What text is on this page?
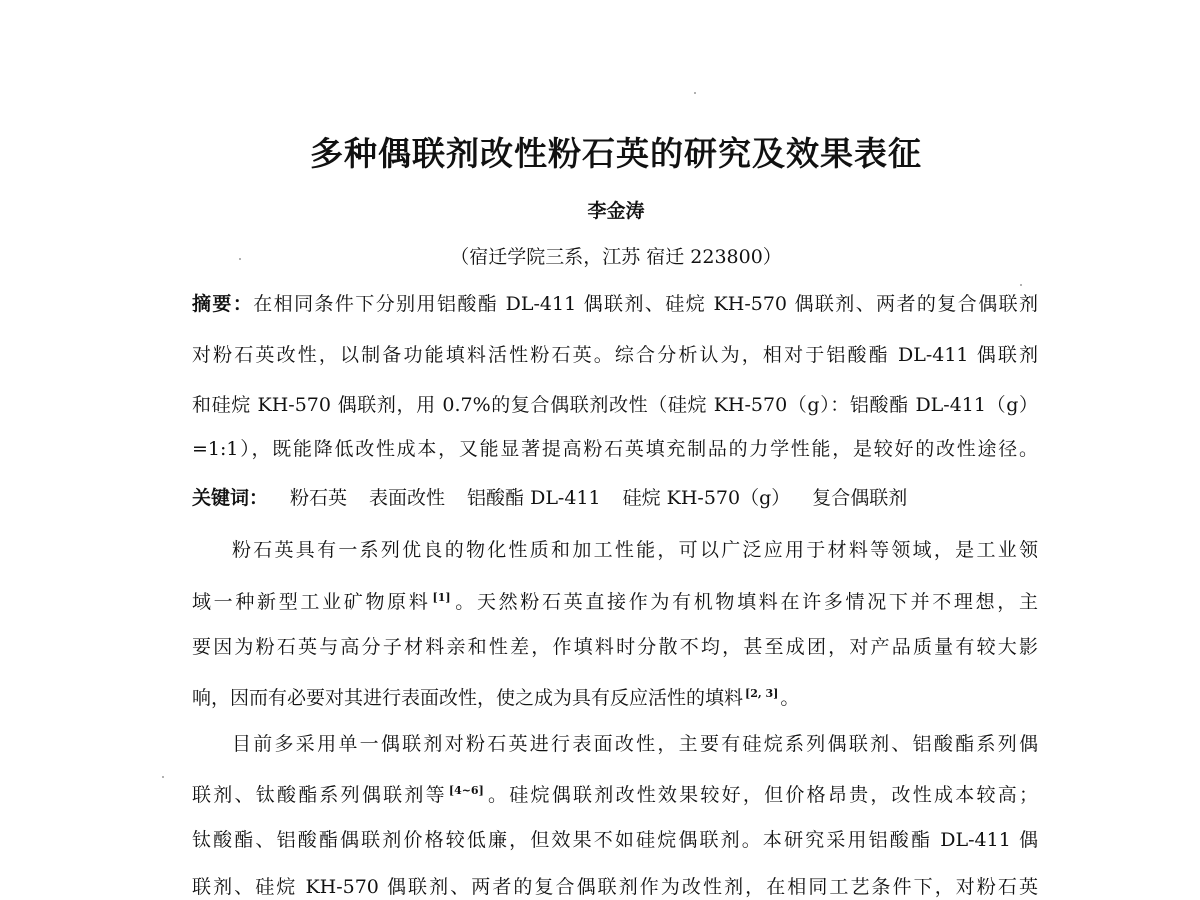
多种偶联剂改性粉石英的研究及效果表征
李金涛
（宿迁学院三系，江苏 宿迁 223800）
摘要：在相同条件下分别用铝酸酯 DL-411 偶联剂、硅烷 KH-570 偶联剂、两者的复合偶联剂
对粉石英改性，以制备功能填料活性粉石英。综合分析认为，相对于铝酸酯 DL-411 偶联剂
和硅烷 KH-570 偶联剂，用 0.7%的复合偶联剂改性（硅烷 KH-570（g）：铝酸酯 DL-411（g）
=1:1），既能降低改性成本，又能显著提高粉石英填充制品的力学性能，是较好的改性途径。
关键词： 粉石英 表面改性 铝酸酯 DL-411 硅烷 KH-570（g） 复合偶联剂
粉石英具有一系列优良的物化性质和加工性能，可以广泛应用于材料等领域，是工业领
域一种新型工业矿物原料 [1] 。天然粉石英直接作为有机物填料在许多情况下并不理想，主
要因为粉石英与高分子材料亲和性差，作填料时分散不均，甚至成团，对产品质量有较大影
响，因而有必要对其进行表面改性，使之成为具有反应活性的填料 [2, 3] 。
目前多采用单一偶联剂对粉石英进行表面改性，主要有硅烷系列偶联剂、铝酸酯系列偶
联剂、钛酸酯系列偶联剂等 [4~6] 。硅烷偶联剂改性效果较好，但价格昂贵，改性成本较高；
钛酸酯、铝酸酯偶联剂价格较低廉，但效果不如硅烷偶联剂。本研究采用铝酸酯 DL-411 偶
联剂、硅烷 KH-570 偶联剂、两者的复合偶联剂作为改性剂，在相同工艺条件下，对粉石英
